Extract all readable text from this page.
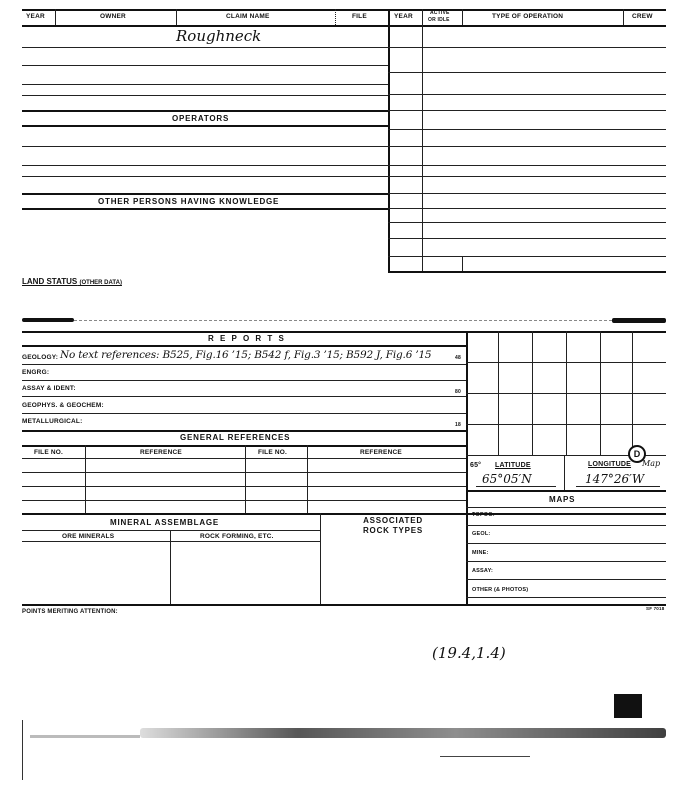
YEAR	OWNER	CLAIM NAME	FILE	YEAR	ACTIVE
OR IDLE	TYPE OF OPERATION	CREW
Roughneck
OPERATORS
OTHER PERSONS HAVING KNOWLEDGE
LAND STATUS (OTHER DATA)
R E P O R T S
GEOLOGY: No text references: B525, Fig.16 ’15; B542 f, Fig.3 ’15; B592 J, Fig.6 ’15	48
ENGRG:
ASSAY & IDENT:	80
GEOPHYS. & GEOCHEM:
METALLURGICAL:	18
GENERAL REFERENCES
FILE NO.	REFERENCE	FILE NO.	REFERENCE
MINERAL ASSEMBLAGE	ASSOCIATED
ROCK TYPES
ORE MINERALS	ROCK FORMING, ETC.
D
65° LATITUDE	LONGITUDE Map
65°05′N	147°26′W
MAPS
TOPOG:
GEOL:
MINE:
ASSAY:
OTHER (& PHOTOS)
POINTS MERITING ATTENTION:
SF 7018
(19.4,1.4)
